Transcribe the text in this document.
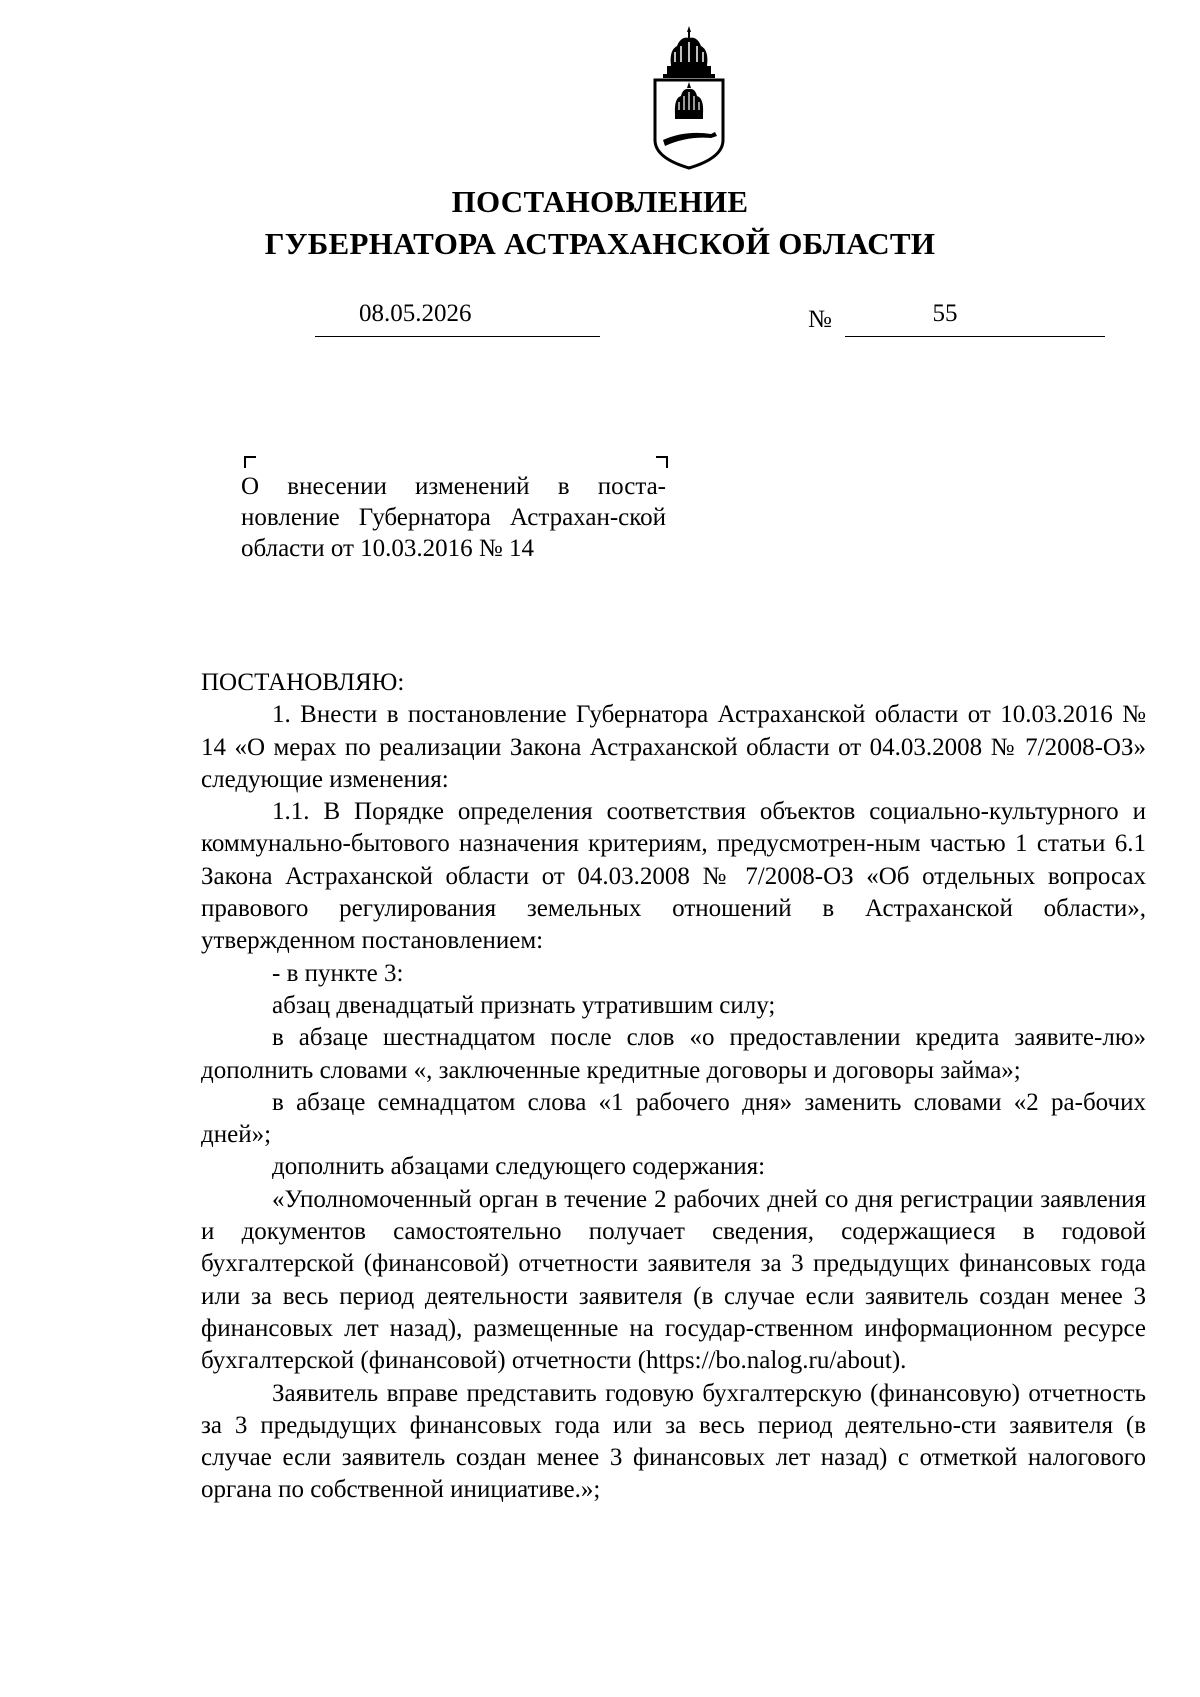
ПОСТАНОВЛЕНИЕ
ГУБЕРНАТОРА АСТРАХАНСКОЙ ОБЛАСТИ
08.05.2026	№	55
О внесении изменений в поста-новление Губернатора Астрахан-ской области от 10.03.2016 № 14

ПОСТАНОВЛЯЮ:

1. Внести в постановление Губернатора Астраханской области от 10.03.2016 № 14 «О мерах по реализации Закона Астраханской области от 04.03.2008 № 7/2008-ОЗ» следующие изменения:

1.1. В Порядке определения соответствия объектов социально-культурного и коммунально-бытового назначения критериям, предусмотрен-ным частью 1 статьи 6.1 Закона Астраханской области от 04.03.2008 № 7/2008-ОЗ «Об отдельных вопросах правового регулирования земельных отношений в Астраханской области», утвержденном постановлением:

- в пункте 3:

абзац двенадцатый признать утратившим силу;

в абзаце шестнадцатом после слов «о предоставлении кредита заявите-лю» дополнить словами «, заключенные кредитные договоры и договоры займа»;

в абзаце семнадцатом слова «1 рабочего дня» заменить словами «2 ра-бочих дней»;

дополнить абзацами следующего содержания:

«Уполномоченный орган в течение 2 рабочих дней со дня регистрации заявления и документов самостоятельно получает сведения, содержащиеся в годовой бухгалтерской (финансовой) отчетности заявителя за 3 предыдущих финансовых года или за весь период деятельности заявителя (в случае если заявитель создан менее 3 финансовых лет назад), размещенные на государ-ственном информационном ресурсе бухгалтерской (финансовой) отчетности (https://bo.nalog.ru/about).

Заявитель вправе представить годовую бухгалтерскую (финансовую) отчетность за 3 предыдущих финансовых года или за весь период деятельно-сти заявителя (в случае если заявитель создан менее 3 финансовых лет назад) с отметкой налогового органа по собственной инициативе.»;
